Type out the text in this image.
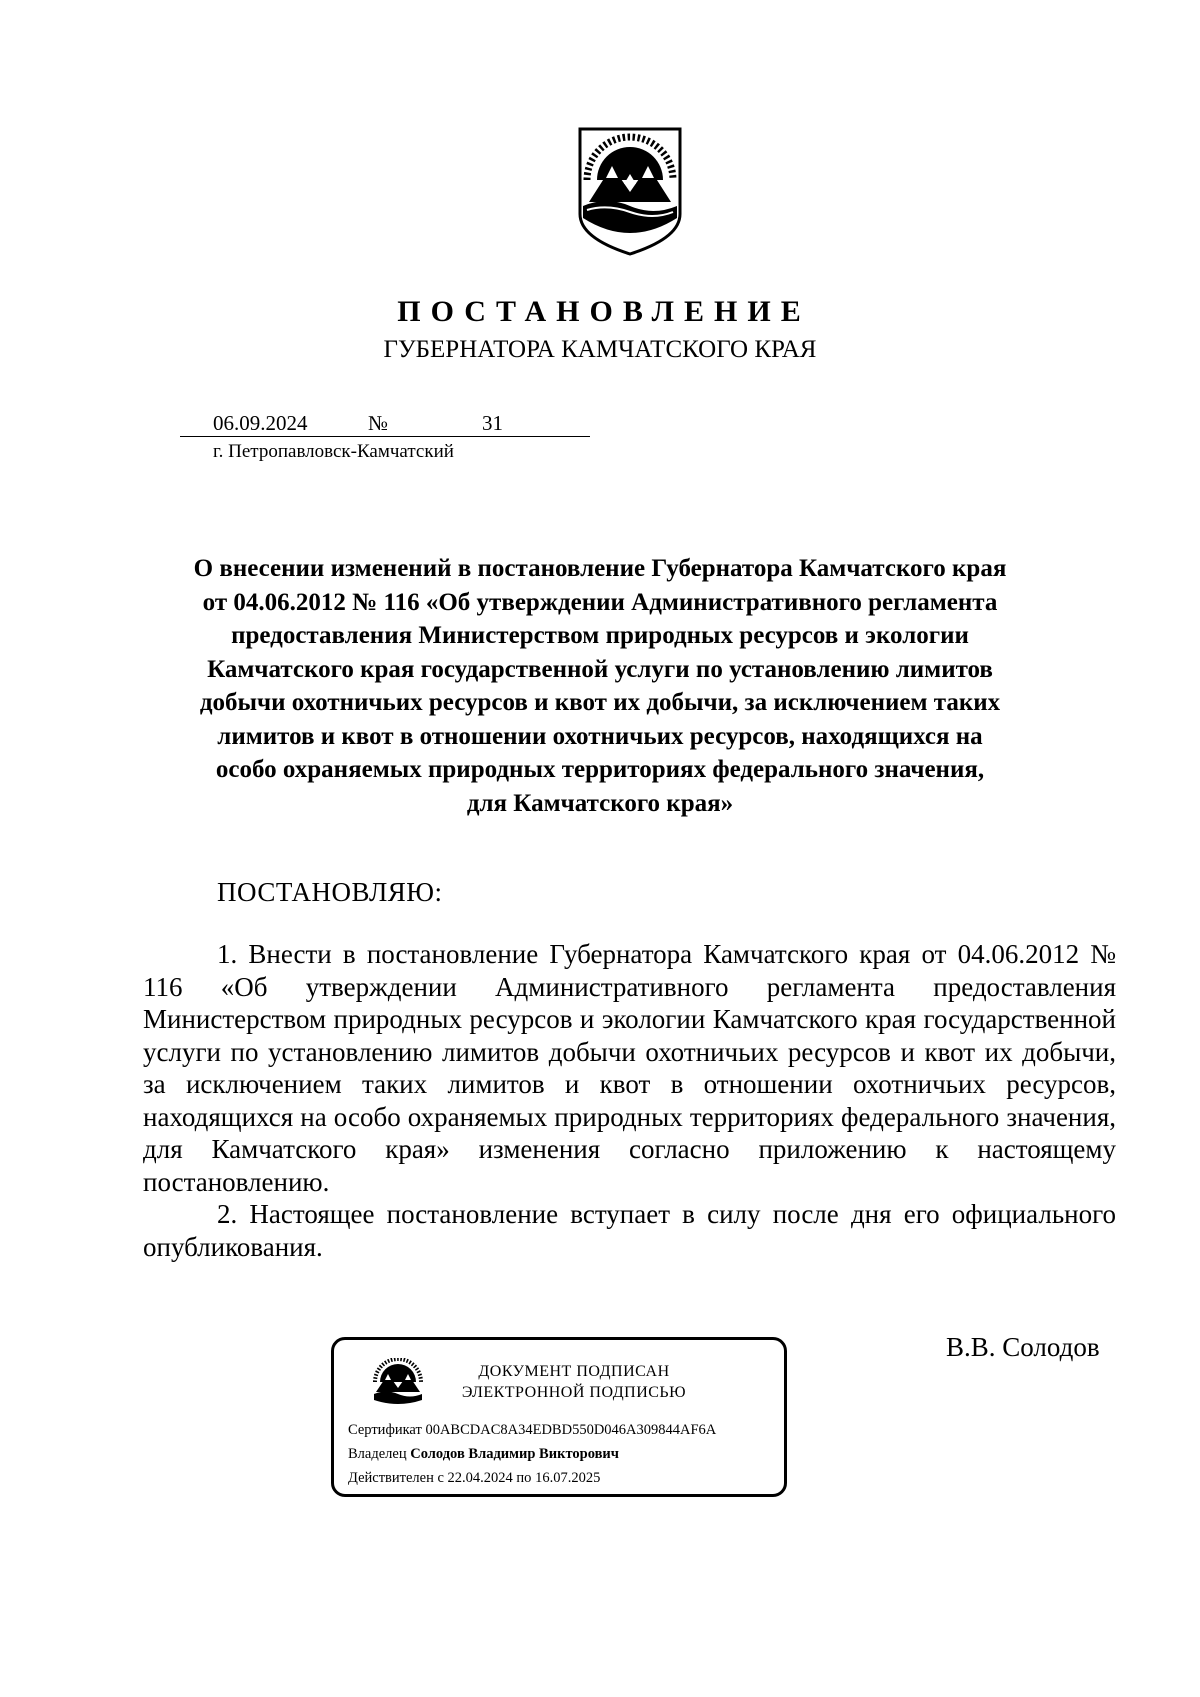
ПОСТАНОВЛЕНИЕ
ГУБЕРНАТОРА КАМЧАТСКОГО КРАЯ
06.09.2024	№	31
г. Петропавловск-Камчатский
О внесении изменений в постановление Губернатора Камчатского края
от 04.06.2012 № 116 «Об утверждении Административного регламента
предоставления Министерством природных ресурсов и экологии
Камчатского края государственной услуги по установлению лимитов
добычи охотничьих ресурсов и квот их добычи, за исключением таких
лимитов и квот в отношении охотничьих ресурсов, находящихся на
особо охраняемых природных территориях федерального значения,
для Камчатского края»
ПОСТАНОВЛЯЮ:

1. Внести в постановление Губернатора Камчатского края от 04.06.2012 № 116 «Об утверждении Административного регламента предоставления Министерством природных ресурсов и экологии Камчатского края государственной услуги по установлению лимитов добычи охотничьих ресурсов и квот их добычи, за исключением таких лимитов и квот в отношении охотничьих ресурсов, находящихся на особо охраняемых природных территориях федерального значения, для Камчатского края» изменения согласно приложению к настоящему постановлению.

2. Настоящее постановление вступает в силу после дня его официального опубликования.

ДОКУМЕНТ ПОДПИСАН
ЭЛЕКТРОННОЙ ПОДПИСЬЮ
Сертификат 00ABCDAC8A34EDBD550D046A309844AF6A
Владелец Солодов Владимир Викторович
Действителен с 22.04.2024 по 16.07.2025
В.В. Солодов
